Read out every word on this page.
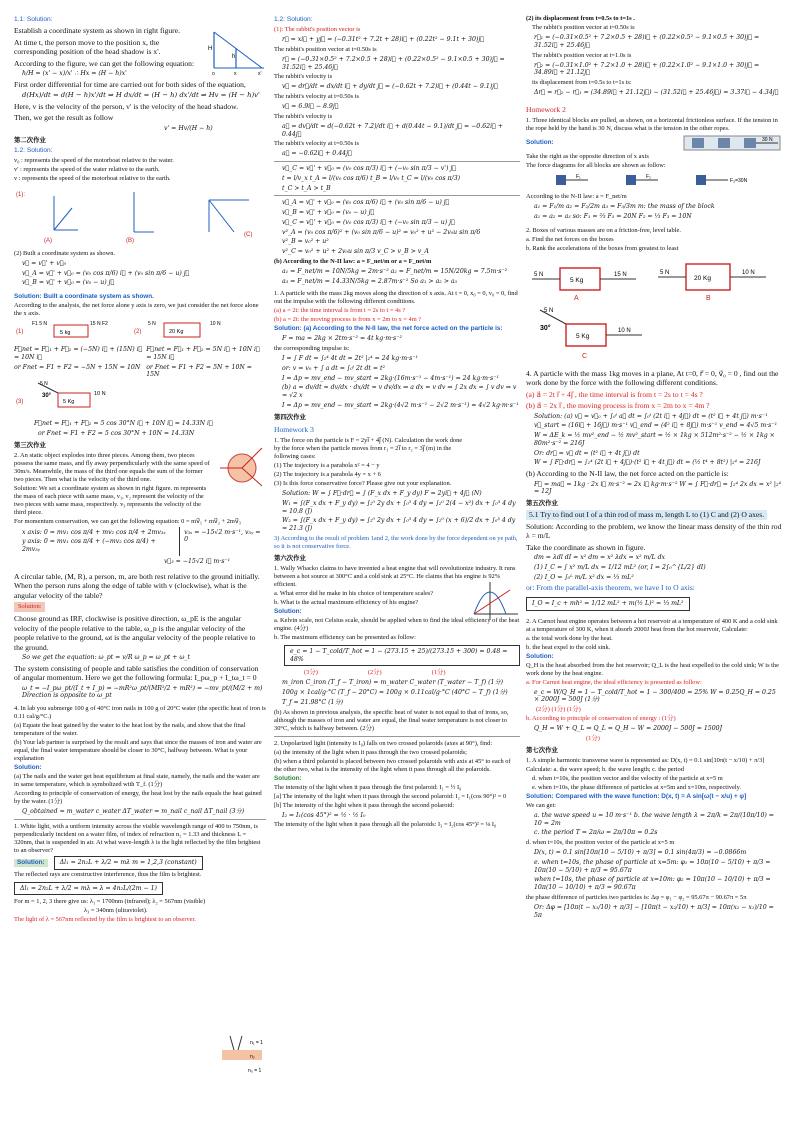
1.1: Solution:
Establish a coordinate system as shown in right figure.
At time t, the person move to the position x, the corresponding position of the head shadow is x'.
According to the figure, we can get the following equation:
H
h
o	x	x'
h/H = (x' − x)/x' ∴ Hx = (H − h)x'
First order differential for time are carried out for both sides of the equation,
d(Hx)/dt = d(H − h)x'/dt ⇒ H dx/dt = (H − h) dx'/dt ⇒ Hv = (H − h)v'
Here, v is the velocity of the person, v' is the velocity of the head shadow.
Then, we get the result as follow
v' = Hv/(H − h)
第二次作业
1.2: Solution:
v₀ : represents the speed of the motorboat relative to the water.
v' : represents the speed of the water relative to the earth.
v : represents the speed of the motorboat relative to the earth.
(1):
(A)	(B)
(C)
(2) Built a coordinate system as shown.
v⃗ = v⃗' + v⃗₀
v⃗_A = v⃗' + v⃗₀ = (v₀ cos π/6) i⃗ + (v₀ sin π/6 − u) j⃗
v⃗_B = v⃗' + v⃗₀ = (v₀ − u) j⃗
Solution: Built a coordinate system as shown.
According to the analysis, the net force alone y axis is zero, we just consider the net force alone the x axis.
(1)	5 kg
F1 5 N	15 N F2
(2)	20 Kg
5 N	10 N
F⃗net = F⃗₁ + F⃗₂ = (−5N) i⃗ + (15N) i⃗ = 10N i⃗
or Fnet = F1 + F2 = −5N + 15N = 10N
F⃗net = F⃗₁ + F⃗₂ = 5N i⃗ + 10N i⃗ = 15N i⃗
or Fnet = F1 + F2 = 5N + 10N = 15N
(3)	5 Kg
5 N
30°	10 N
F⃗net = F⃗₁ + F⃗₂ = 5 cos 30°N i⃗ + 10N i⃗ = 14.33N i⃗
or Fnet = F1 + F2 = 5 cos 30°N + 10N = 14.33N
第三次作业
2. An static object explodes into three pieces. Among them, two pieces possess the same mass, and fly away perpendicularly with the same speed of 30m/s. Meanwhile, the mass of the third one equals the sum of the former two pieces. Then what is the velocity of the third one.
Solution: We set a coordinate system as shown in right figure. m represents the mass of each piece with same mass, v₁, v₂ represent the velocity of the two pieces with same mass, respectively. v₃ represents the velocity of the third piece.
For momentum conservation, we can get the following equation: 0 = mv⃗₁ + mv⃗₂ + 2mv⃗₃
x axis: 0 = mv₁ cos π/4 + mv₂ cos π/4 + 2mv₃ₓ
y axis: 0 = mv₁ cos π/4 + (−mv₂ cos π/4) + 2mv₃ᵧ
v₃ₓ = −15√2 m·s⁻¹, v₃ᵧ = 0
v⃗₃ = −15√2 i⃗ m·s⁻¹
A circular table, (M, R), a person, m, are both rest relative to the ground initially. When the person runs along the edge of table with v (clockwise), what is the angular velocity of the table?
Solution:
Choose ground as IRF, clockwise is positive direction, ω_pE is the angular velocity of the people relative to the table, ω_p is the angular velocity of the people relative to the ground, ωt is the angular velocity of the people relative to the ground.
So we get the equation: ω_pt = v/R ω_p = ω_pt + ω_t
The system consisting of people and table satisfies the condition of conservation of angular momentum. Here we get the following formula: I_pω_p + I_tω_t = 0
ω_t = −I_pω_pt/(I_t + I_p) = −mR²ω_pt/(MR²/2 + mR²) = −mv_pt/(M/2 + m) Direction is opposite to ω_pt
4. In lab you submerge 100 g of 40°C iron nails in 100 g of 20°C water (the specific heat of iron is 0.11 cal/g/°C.)
(a) Equate the heat gained by the water to the heat lost by the nails, and show that the final temperature of the water.
(b) Your lab partner is surprised by the result and says that since the masses of iron and water are equal, the final water temperature should be closer to 30°C, halfway between. What is your explanation
Solution:
(a) The nails and the water get heat equilibrium at final state, namely, the nails and the water are in same temperature, which is symbolized with T_f. (1分)
According to principle of conservation of energy, the heat lost by the nails equals the heat gained by the water. (1分)
Q_obtained = m_water c_water ΔT_water = m_nail c_nail ΔT_nail (3分)
1. White light, with a uniform intensity across the visible wavelength range of 400 to 750nm, is perpendicularly incident on a water film, of index of refraction n₂ = 1.33 and thickness L = 320nm, that is suspended in air. At what wave-length λ is the light reflected by the film brightest to an observer?
Solution:	Δl₁ = 2n₂L + λ/2 = mλ m = 1,2,3 (constant)
The reflected rays are constructive interference, thus the film is brightest.
Δl₁ = 2n₂L + λ/2 = mλ ⇒ λ = 4n₂L/(2m − 1)
n₁ = 1
n₂
n₃ = 1
For m = 1, 2, 3 there give us: λ₁ = 1700nm (infrared); λ₂ = 567nm (visible)
λ₃ = 340nm (ultraviolet).
The light of λ = 567nm reflected by the film is brightest to an observer.
1.2: Solution:
(1): The rabbit's position vector is
r⃗ = xi⃗ + yj⃗ = (−0.31t² + 7.2t + 28)i⃗ + (0.22t² − 9.1t + 30)j⃗
The rabbit's position vector at t=0.50s is
r⃗ = (−0.31×0.5² + 7.2×0.5 + 28)i⃗ + (0.22×0.5² − 9.1×0.5 + 30)j⃗ = 31.52i⃗ + 25.46j⃗
The rabbit's velocity is
v⃗ = dr⃗/dt = dx/dt i⃗ + dy/dt j⃗ = (−0.62t + 7.2)i⃗ + (0.44t − 9.1)j⃗
The rabbit's velocity at t=0.50s is
v⃗ = 6.9i⃗ − 8.9j⃗
The rabbit's velocity is
a⃗ = dv⃗/dt = d(−0.62t + 7.2)/dt i⃗ + d(0.44t − 9.1)/dt j⃗ = −0.62i⃗ + 0.44j⃗
The rabbit's velocity at t=0.50s is
a⃗ = −0.62i⃗ + 0.44j⃗
v⃗_C = v⃗' + v⃗₀ = (v₀ cos π/3) i⃗ + (−v₀ sin π/3 − v') j⃗
t = l/v_x t_A = l/(v₀ cos π/6) t_B = l/v₀ t_C = l/(v₀ cos π/3)
t_C > t_A > t_B
v⃗_A = v⃗' + v⃗₀ = (v₀ cos π/6) i⃗ + (v₀ sin π/6 − u) j⃗
v⃗_B = v⃗' + v⃗₀ = (v₀ − u) j⃗
v⃗_C = v⃗' + v⃗₀ = (v₀ cos π/3) i⃗ + (−v₀ sin π/3 − u) j⃗
v²_A = (v₀ cos π/6)² + (v₀ sin π/6 − u)² = v₀² + u² − 2v₀u sin π/6
v²_B = v₀² + u²
v²_C = v₀² + u² + 2v₀u sin π/3 v_C > v_B > v_A
(b) According to the N-II law: a = F_net/m or a = F_net/m
a₁ = F_net/m = 10N/5kg = 2m·s⁻² a₂ = F_net/m = 15N/20kg = 7.5m·s⁻²
a₃ = F_net/m = 14.33N/5kg = 2.87m·s⁻² So a₁ > a₂ > a₃
1. A particle with the mass 2kg moves along the direction of x axis. At t = 0, x₀ = 0, v₀ = 0, find out the impulse with the following different conditions.
(a) a = 2t: the time interval is from t = 2s to t = 4s ?
(b) a = 2t: the moving process is from x = 2m to x = 4m ?
Solution: (a) According to the N-II law, the net force acted on the particle is:
F = ma = 2kg × 2tm·s⁻² = 4t kg·m·s⁻²
the corresponding impulse is:
I = ∫ F dt = ∫₂⁴ 4t dt = 2t² |₂⁴ = 24 kg·m·s⁻¹
or: v = v₀ + ∫ a dt = ∫₀ᵗ 2t dt = t²
I = Δp = mv_end − mv_start = 2kg·(16m·s⁻¹ − 4m·s⁻¹) = 24 kg·m·s⁻¹
(b) a = dv/dt = dv/dx · dx/dt = v dv/dx ⇒ a dx = v dv ⇒ ∫ 2x dx = ∫ v dv ⇒ v = √2 x
I = Δp = mv_end − mv_start = 2kg·(4√2 m·s⁻¹ − 2√2 m·s⁻¹) = 4√2 kg·m·s⁻¹
第四次作业
Homework 3
1. The force on the particle is F = 2yi⃗ + 4j⃗ (N). Calculation the work done by the force when the particle moves from r₁ = 2i⃗ to r₂ = 3j⃗ (m) in the following cases:
(1) The trajectory is a parabola x² = 4 − y
(2) The trajectory is a parabola 4y = x + 6
(3) Is this force conservative force? Please give out your explanation.
Solution: W = ∫ F⃗·dr⃗ = ∫ (F_x dx + F_y dy) F = 2yi⃗ + 4j⃗ (N)
W₁ = ∫(F_x dx + F_y dy) = ∫₂⁰ 2y dx + ∫₀³ 4 dy = ∫₂⁰ 2(4 − x²) dx + ∫₀³ 4 dy = 10.8 (J)
W₂ = ∫(F_x dx + F_y dy) = ∫₂⁰ 2y dx + ∫₀³ 4 dy = ∫₂⁰ (x + 6)/2 dx + ∫₀³ 4 dy = 21.3 (J)
3) According to the result of problem 1and 2, the work done by the force dependent on ye path, so it is not conservative force.
第六次作业
1. Wally Whacko claims to have invented a heat engine that will revolutionize industry. It runs between a hot source at 300°C and a cold sink at 25°C. He claims that his engine is 92% efficient.
a. What error did he make in his choice of temperature scales?
b. What is the actual maximum efficiency of his engine?
Solution:
a. Kelvin scale, not Celsius scale, should be applied when to find the ideal efficiency of the heat engine. (4分)
b. The maximum efficiency can be presented as follow:
e_c = 1 − T_cold/T_hot = 1 − (273.15 + 25)/(273.15 + 300) = 0.48 = 48%
(3分)	(2分)	(1分)
m_iron C_iron (T_f − T_iron) = m_water C_water (T_water − T_f) (1分)
100g × 1cal/g·°C (T_f − 20°C) = 100g × 0.11cal/g·°C (40°C − T_f) (1分)
T_f ≈ 21.98°C (1分)
(b) As shown in previous analysis, the specific heat of water is not equal to that of irons, so, although the masses of iron and water are equal, the final water temperature is not closer to 30°C, which is halfway between. (2分)
2. Unpolarized light (intensity is I₀) falls on two crossed polaroids (axes at 90°), find:
(a) the intensity of the light when it pass through the two crossed polaroids;
(b) when a third polaroid is placed between two crossed polaroids with axis at 45° to each of the other two, what is the intensity of the light when it pass through all the polaroids.
Solution:
The intensity of the light when it pass through the first polaroid: I₁ = ½ I₀
[a] The intensity of the light when it pass through the second polaroid: I₂ = I₁(cos 90°)² = 0
[b] The intensity of the light when it pass through the second polaroid:
I₂ = I₁(cos 45°)² = ½ · ½ I₀
The intensity of the light when it pass through all the polaroids: I₃ = I₂(cos 45°)² = ⅛ I₀
(2) its displacement from t=0.5s to t=1s .
The rabbit's position vector at t=0.50s is
r⃗₁ = (−0.31×0.5² + 7.2×0.5 + 28)i⃗ + (0.22×0.5² − 9.1×0.5 + 30)j⃗ = 31.52i⃗ + 25.46j⃗
The rabbit's position vector at t=1.0s is
r⃗₂ = (−0.31×1.0² + 7.2×1.0 + 28)i⃗ + (0.22×1.0² − 9.1×1.0 + 30)j⃗ = 34.89i⃗ + 21.12j⃗
its displacement from t=0.5s to t=1s is:
Δr⃗ = r⃗₂ − r⃗₁ = (34.89i⃗ + 21.12j⃗) − (31.52i⃗ + 25.46j⃗) = 3.37i⃗ − 4.34j⃗
Homework 2
1. Three identical blocks are pulled, as shown, on a horizontal frictionless surface. If the tension in the rope held by the hand is 30 N, discuss what is the tension in the other ropes.
Solution:	30 N
Take the right as the opposite direction of x axis
The force diagrams for all blocks are shown as follow:
F₁	F₂
F₃=30N
According to the N-II law: a = F_net/m
a₁ = F₁/m a₂ = F₂/2m a₃ = F₃/3m m: the mass of the block
a₁ = a₂ = a₃ so: F₁ = ⅔ F₃ = 20N F₂ = ⅓ F₃ = 10N
2. Boxes of various masses are on a friction-free, level table.
a. Find the net forces on the boxes
b. Rank the accelerations of the boxes from greatest to least
5 Kg
5 N	15 N
A
20 Kg
5 N	10 N
B
5 Kg
5 N
30°	10 N
C
4. A particle with the mass 1kg moves in a plane, At t=0, r⃗ = 0, v⃗₀ = 0 , find out the work done by the force with the following different conditions.
(a) a⃗ = 2t i⃗ + 4j⃗ , the time interval is from t = 2s to t = 4s ?
(b) a⃗ = 2x i⃗ , the moving process is from x = 2m to x = 4m ?
Solution: (a) v⃗ = v⃗₀ + ∫₀ᵗ a⃗ dt = ∫₀ᵗ (2t i⃗ + 4j⃗) dt = (t² i⃗ + 4t j⃗) m·s⁻¹
v⃗_start = (16i⃗ + 16j⃗) m·s⁻¹ v⃗_end = (4² i⃗ + 8j⃗) m·s⁻¹ v_end = 4√5 m·s⁻¹
W = ΔE_k = ½ mv²_end − ½ mv²_start = ½ × 1kg × 512m²·s⁻² − ½ × 1kg × 80m²·s⁻² = 216J
Or: dr⃗ = v⃗ dt = (t² i⃗ + 4t j⃗) dt
W = ∫ F⃗·dr⃗ = ∫₂⁴ (2t i⃗ + 4j⃗)·(t² i⃗ + 4t j⃗) dt = (½ t⁴ + 8t²) |₂⁴ = 216J
(b) According to the N-II law, the net force acted on the particle is:
F⃗ = ma⃗ = 1kg · 2x i⃗ m·s⁻² = 2x i⃗ kg·m·s⁻² W = ∫ F⃗·dr⃗ = ∫₂⁴ 2x dx = x² |₂⁴ = 12J
第五次作业
5.1 Try to find out I of a thin rod of mass m, length L to (1) C and (2) O axes.
Solution: According to the problem, we know the linear mass density of the thin rod λ = m/L
Take the coordinate as shown in figure.
dm = λdl dI = x² dm = x² λdx = x² m/L dx
(1) I_C = ∫ x² m/L dx = 1/12 mL² (or, I = 2∫₀^{L/2} dI)
(2) I_O = ∫₀ᴸ m/L x² dx = ⅓ mL²
or: From the parallel-axis theorem, we have I to O axis:
I_O = I_c + mh² = 1/12 mL² + m(½ L)² = ⅓ mL²
2. A Carnot heat engine operates between a hot reservoir at a temperature of 400 K and a cold sink at a temperature of 300 K, when it absorb 2000J heat from the hot reservoir, Calculate:
a. the total work done by the heat.
b. the heat expel to the cold sink.
Solution:
Q_H is the heat absorbed from the hot reservoir; Q_L is the heat expelled to the cold sink; W is the work done by the heat engine.
a. For Carnot heat engine, the ideal efficiency is presented as follow:
e_c = W/Q_H = 1 − T_cold/T_hot = 1 − 300/400 = 25% W = 0.25Q_H = 0.25 × 2000J = 500J (1分)
(2分) (1分) (1分)
b. According to principle of conservation of energy : (1分)
Q_H = W + Q_L ⇒ Q_L = Q_H − W = 2000J − 500J = 1500J
(1分)
第七次作业
1. A simple harmonic transverse wave is represented as: D(x, t) = 0.1 sin[10π(t − x/10) + π/3]
Calculate: a. the wave speed; b. the wave length; c. the period
d. when t=10s, the position vector and the velocity of the particle at x=5 m
e. when t=10s, the phase difference of particles at x=5m and x=10m, respectively.
Solution: Compared with the wave function: D(x, t) = A sin[ω(t − x/u) + φ]
We can get:
a. the wave speed u = 10 m·s⁻¹ b. the wave length λ = 2π/k = 2π/(10π/10) = 10 = 2m
c. the period T = 2π/ω = 2π/10π = 0.2s
d. when t=10s, the position vector of the particle at x=5 m
D(x, t) = 0.1 sin[10π(10 − 5/10) + π/3] = 0.1 sin(4π/3) = −0.0866m
e. when t=10s, the phase of particle at x=5m: φ₁ = 10π(10 − 5/10) + π/3 = 10π(10 − 5/10) + π/3 = 95.67π
when t=10s, the phase of particle at x=10m: φ₂ = 10π(10 − 10/10) + π/3 = 10π(10 − 10/10) + π/3 = 90.67π
the phase difference of particles two particles is: Δφ = φ₁ − φ₂ = 95.67π − 90.67π = 5π
Or: Δφ = [10π(t − x₁/10) + π/3] − [10π(t − x₂/10) + π/3] = 10π(x₂ − x₁)/10 = 5π
